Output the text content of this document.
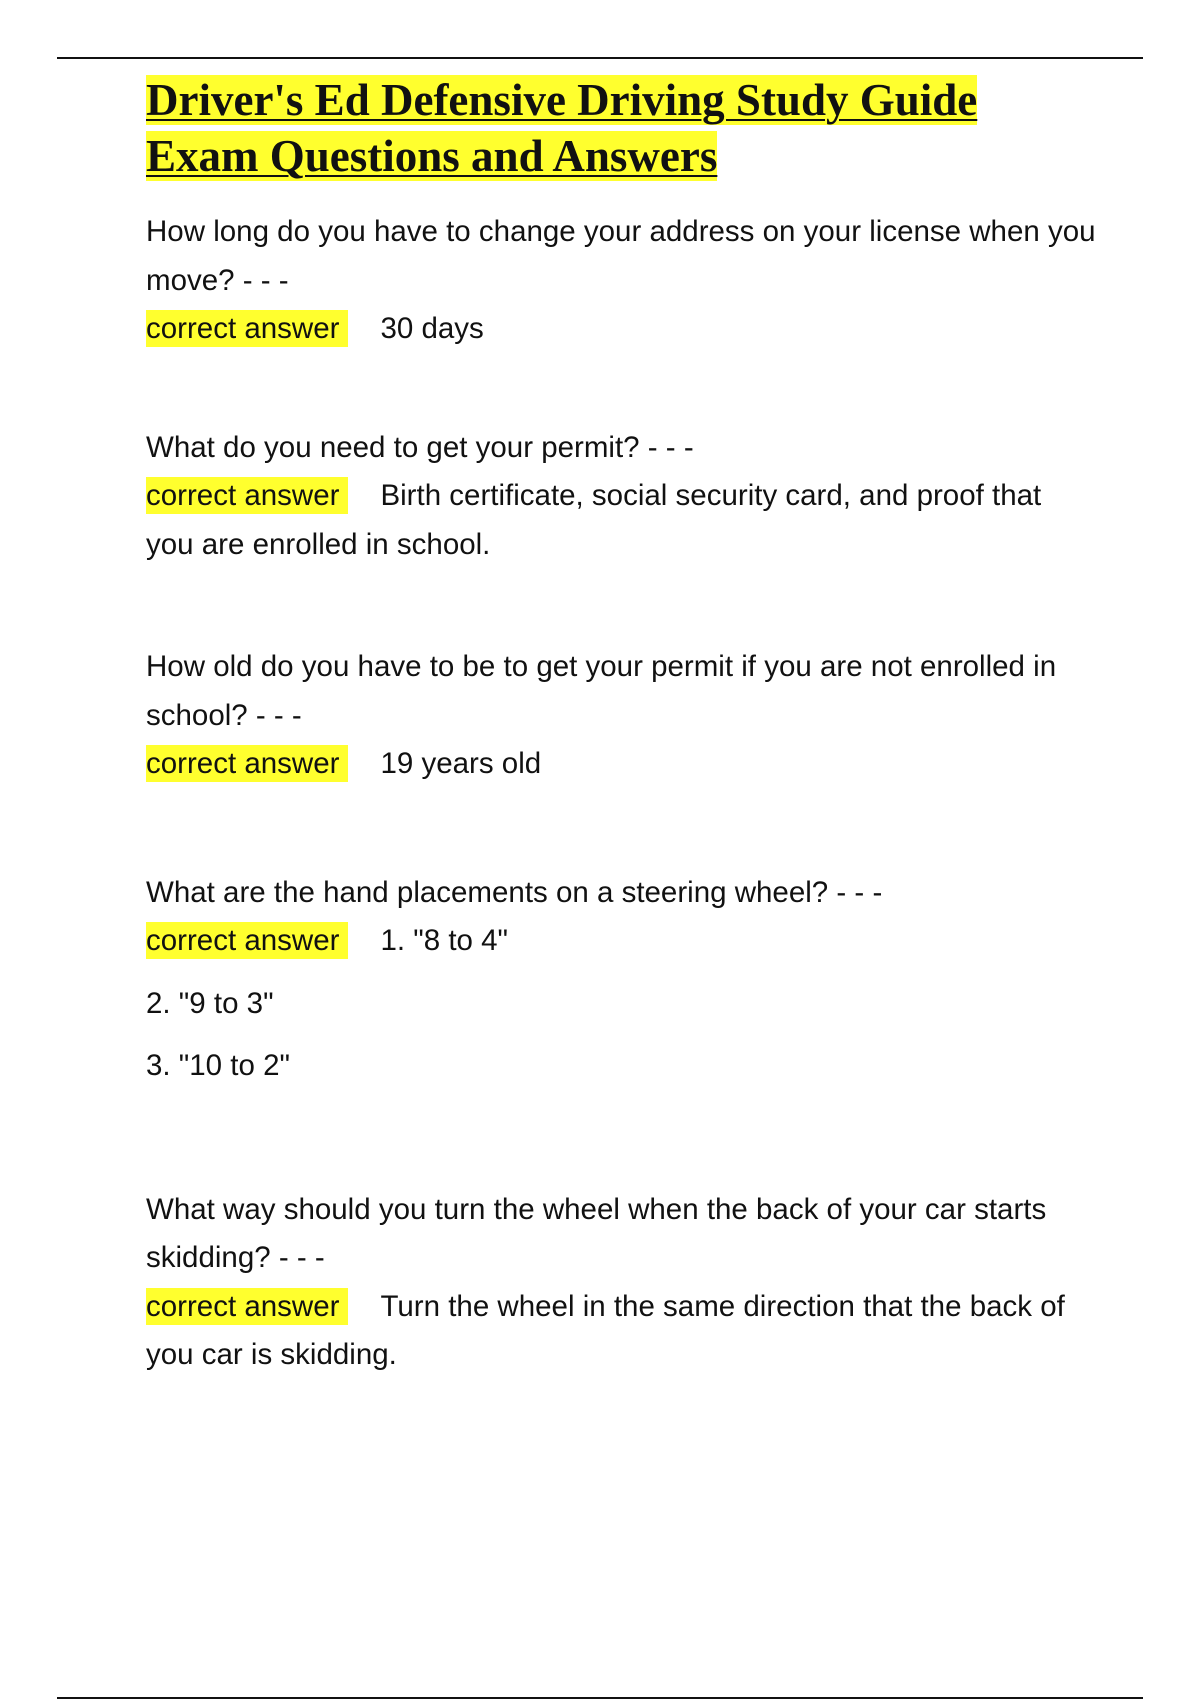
Driver's Ed Defensive Driving Study Guide
Exam Questions and Answers

How long do you have to change your address on your license when you move? - - -

correct answer 30 days

What do you need to get your permit? - - -

correct answer Birth certificate, social security card, and proof that you are enrolled in school.

How old do you have to be to get your permit if you are not enrolled in school? - - -

correct answer 19 years old

What are the hand placements on a steering wheel? - - -

correct answer 1. "8 to 4"

2. "9 to 3"

3. "10 to 2"

What way should you turn the wheel when the back of your car starts skidding? - - -

correct answer Turn the wheel in the same direction that the back of you car is skidding.
